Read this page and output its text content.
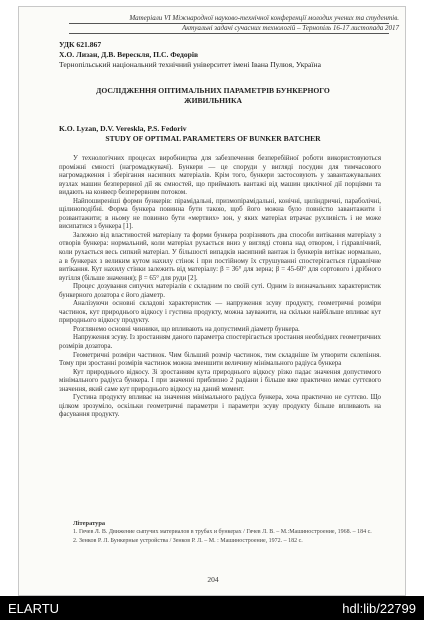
Матеріали VI Міжнародної науково-технічної конференції молодих учених та студентів.
Актуальні задачі сучасних технологій – Тернопіль 16-17 листопада 2017
УДК 621.867
Х.О. Лизан, Д.В. Верескля, П.С. Федорів
Тернопільський національний технічний університет імені Івана Пулюя, Україна
ДОСЛІДЖЕННЯ ОПТИМАЛЬНИХ ПАРАМЕТРІВ БУНКЕРНОГО
ЖИВИЛЬНИКА
K.O. Lyzan, D.V. Vereskla, P.S. Fedoriv
STUDY OF OPTIMAL PARAMETERS OF BUNKER BATCHER

У технологічних процесах виробництва для забезпечення безперебійної роботи використовуються проміжні ємності (нагромаджувачі). Бункери — це споруди у вигляді посудин для тимчасового нагромадження і зберігання насипних матеріалів. Крім того, бункери застосовують у завантажувальних вузлах машин безперервної дії як ємностей, що приймають вантажі від машин циклічної дії порціями та видають на конвеєр безперервним потоком.

Найпоширеніші форми бункерів: пірамідальні, призмопірамідальні, конічні, циліндричні, параболічні, щілиноподібні. Форма бункера повинна бути такою, щоб його можна було повністю завантажити і розвантажити; в ньому не повинно бути «мертвих» зон, у яких матеріал втрачає рухливість і не може висипатися з бункера [1].

Залежно від властивостей матеріалу та форми бункера розрізняють два способи витікання матеріалу з отворів бункера: нормальний, коли матеріал рухається вниз у вигляді стовпа над отвором, і гідравлічний, коли рухається весь сипкий матеріал. У більшості випадків насипний вантаж із бункерів витікає нормально, а в бункерах з великим кутом нахилу стінок і при постійному їх струшуванні спостерігається гідравлічне витікання. Кут нахилу стінки залежить від матеріалу: β = 36° для зерна; β = 45-60° для сортового і дрібного вугілля (більше значення); β = 65° для руди [2].

Процес дозування сипучих матеріалів є складним по своїй суті. Одним із визначальних характеристик бункерного дозатора є його діаметр.

Аналізуючи основні складові характеристик — напруження зсуву продукту, геометричні розміри частинок, кут природнього відкосу і густина продукту, можна зауважити, на скільки найбільше впливає кут природнього відкосу продукту.

Розглянемо основні чинники, що впливають на допустимий діаметр бункера.

Напруження зсуву. Із зростанням даного параметра спостерігається зростання необхідних геометричних розмірів дозатора.

Геометричні розміри частинок. Чим більший розмір частинок, тим складніше їм утворити склепіння. Тому при зростанні розмірів частинок можна зменшити величину мінімального радіуса бункера

Кут природнього відкосу. Зі зростанням кута природнього відкосу різко падає значення допустимого мінімального радіуса бункера. І при значенні приблизно 2 радіани і більше вже практично немає суттєвого значення, який саме кут природнього відкосу на даний момент.

Густина продукту впливає на значення мінімального радіуса бункера, хоча практично не суттєво. Що цілком зрозуміло, оскільки геометричні параметри і параметри зсуву продукту більше впливають на фасування продукту.

Література

1. Гячев Л. В. Движение сыпучих материалов в трубах и бункерах / Гячев Л. В. – М.:Машиностроение, 1968. – 184 с.

2. Зенков Р. Л. Бункерные устройства / Зенков Р. Л. – М. : Машиностроение, 1972. – 182 с.

204
ELARTU	hdl:lib/22799
